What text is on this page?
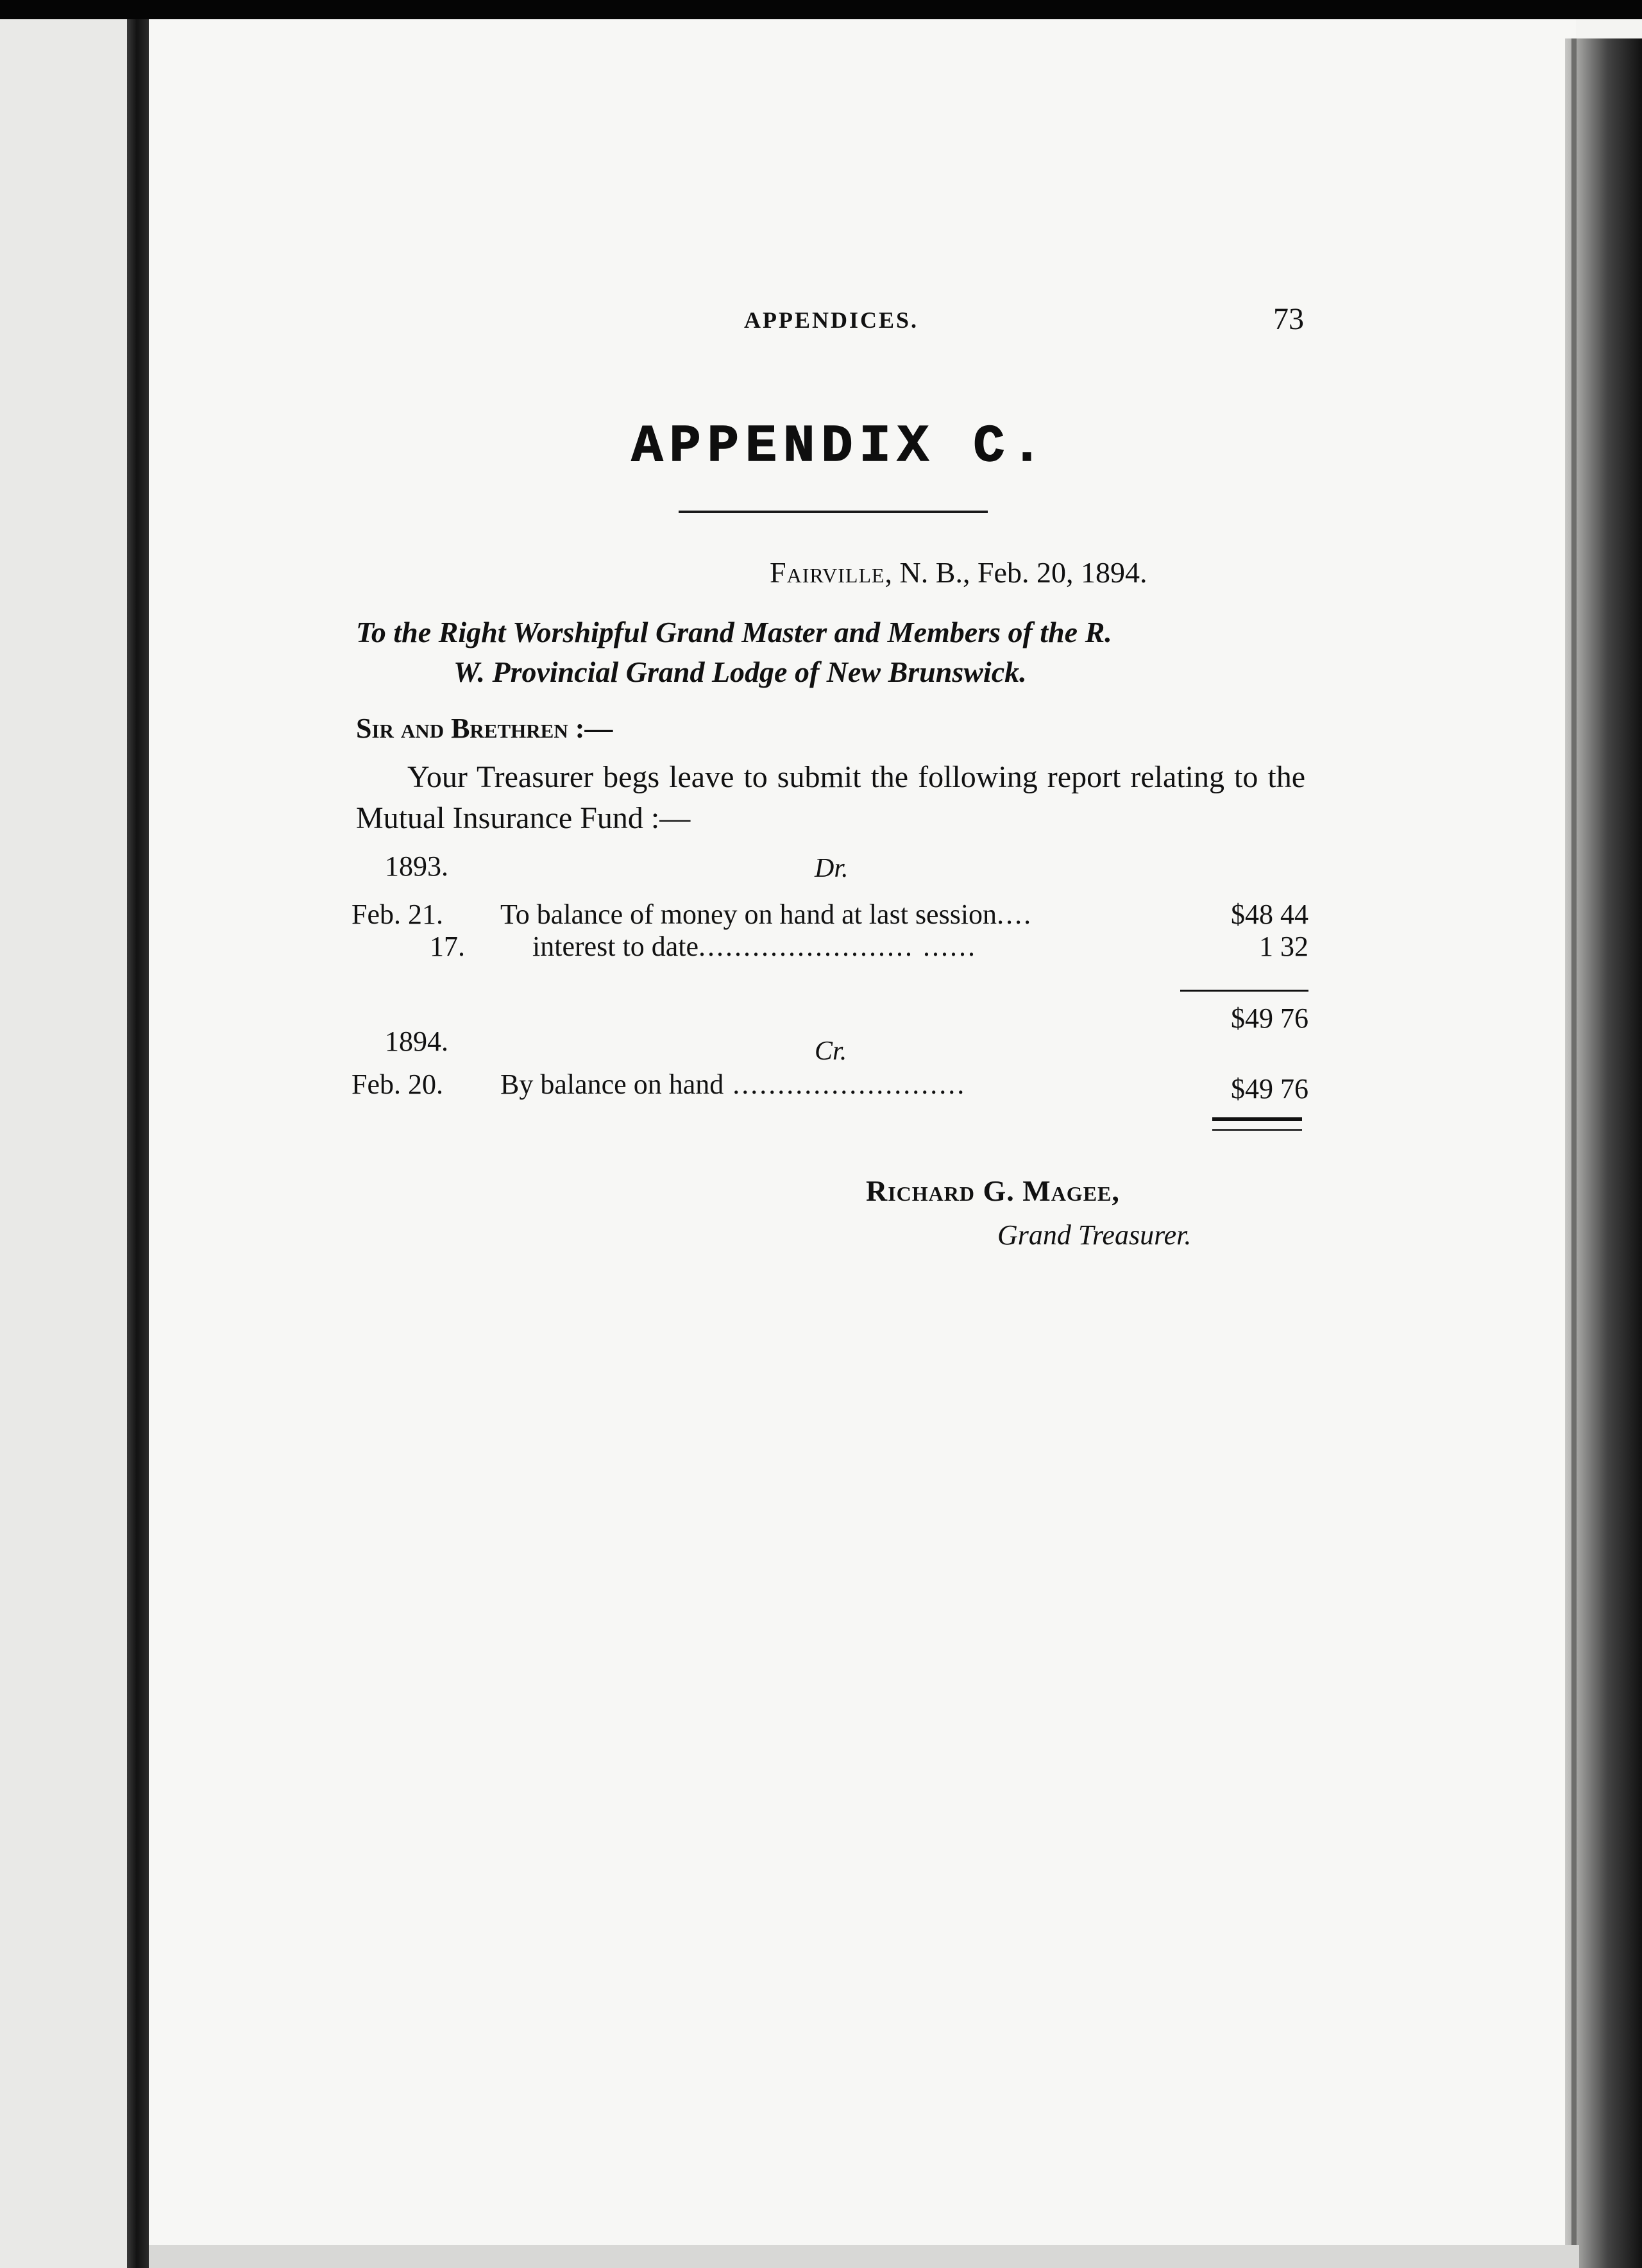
APPENDICES.	73
APPENDIX C.
Fairville, N. B., Feb. 20, 1894.
To the Right Worshipful Grand Master and Members of the R.
W. Provincial Grand Lodge of New Brunswick.
Sir and Brethren :—
Your Treasurer begs leave to submit the following report relating to the Mutual Insurance Fund :—
1893.	Dr.
Feb. 21. To balance of money on hand at last session....	$48 44
17. interest to date........................ ......	1 32
$49 76
1894.	Cr.
Feb. 20. By balance on hand ..........................	$49 76
Richard G. Magee,
Grand Treasurer.
